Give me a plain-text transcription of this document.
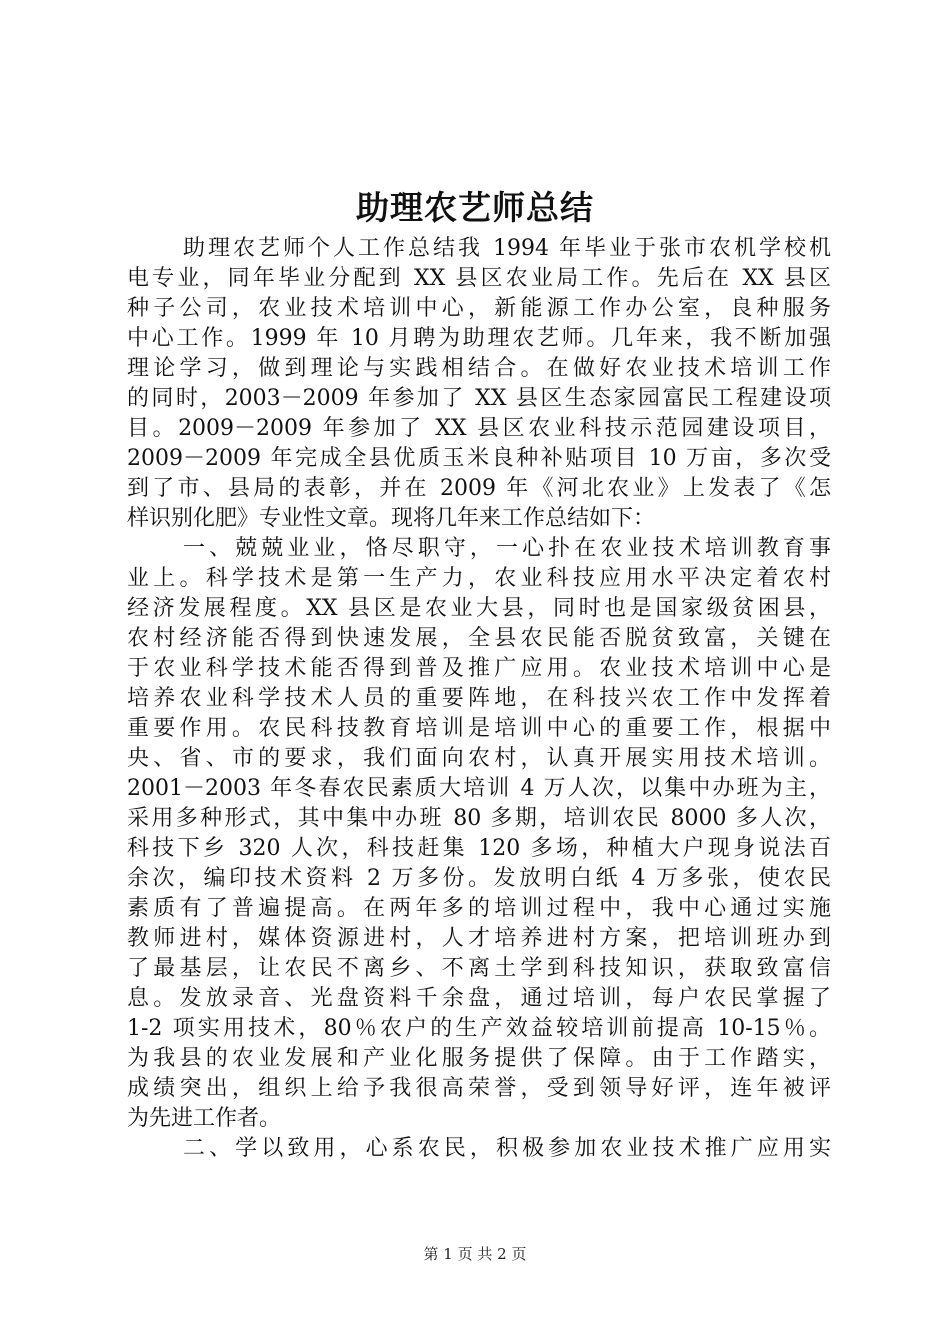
助理农艺师总结
助理农艺师个人工作总结我 1994 年毕业于张市农机学校机
电专业，同年毕业分配到 XX 县区农业局工作。先后在 XX 县区
种子公司，农业技术培训中心，新能源工作办公室，良种服务
中心工作。1999 年 10 月聘为助理农艺师。几年来，我不断加强
理论学习，做到理论与实践相结合。在做好农业技术培训工作
的同时，2003－2009 年参加了 XX 县区生态家园富民工程建设项
目。2009－2009 年参加了 XX 县区农业科技示范园建设项目，
2009－2009 年完成全县优质玉米良种补贴项目 10 万亩，多次受
到了市、县局的表彰，并在 2009 年《河北农业》上发表了《怎
样识别化肥》专业性文章。现将几年来工作总结如下：
一、兢兢业业，恪尽职守，一心扑在农业技术培训教育事
业上。科学技术是第一生产力，农业科技应用水平决定着农村
经济发展程度。XX 县区是农业大县，同时也是国家级贫困县，
农村经济能否得到快速发展，全县农民能否脱贫致富，关键在
于农业科学技术能否得到普及推广应用。农业技术培训中心是
培养农业科学技术人员的重要阵地，在科技兴农工作中发挥着
重要作用。农民科技教育培训是培训中心的重要工作，根据中
央、省、市的要求，我们面向农村，认真开展实用技术培训。
2001－2003 年冬春农民素质大培训 4 万人次，以集中办班为主，
采用多种形式，其中集中办班 80 多期，培训农民 8000 多人次，
科技下乡 320 人次，科技赶集 120 多场，种植大户现身说法百
余次，编印技术资料 2 万多份。发放明白纸 4 万多张，使农民
素质有了普遍提高。在两年多的培训过程中，我中心通过实施
教师进村，媒体资源进村，人才培养进村方案，把培训班办到
了最基层，让农民不离乡、不离土学到科技知识，获取致富信
息。发放录音、光盘资料千余盘，通过培训，每户农民掌握了
1-2 项实用技术，80％农户的生产效益较培训前提高 10-15％。
为我县的农业发展和产业化服务提供了保障。由于工作踏实，
成绩突出，组织上给予我很高荣誉，受到领导好评，连年被评
为先进工作者。
二、学以致用，心系农民，积极参加农业技术推广应用实
第 1 页 共 2 页
